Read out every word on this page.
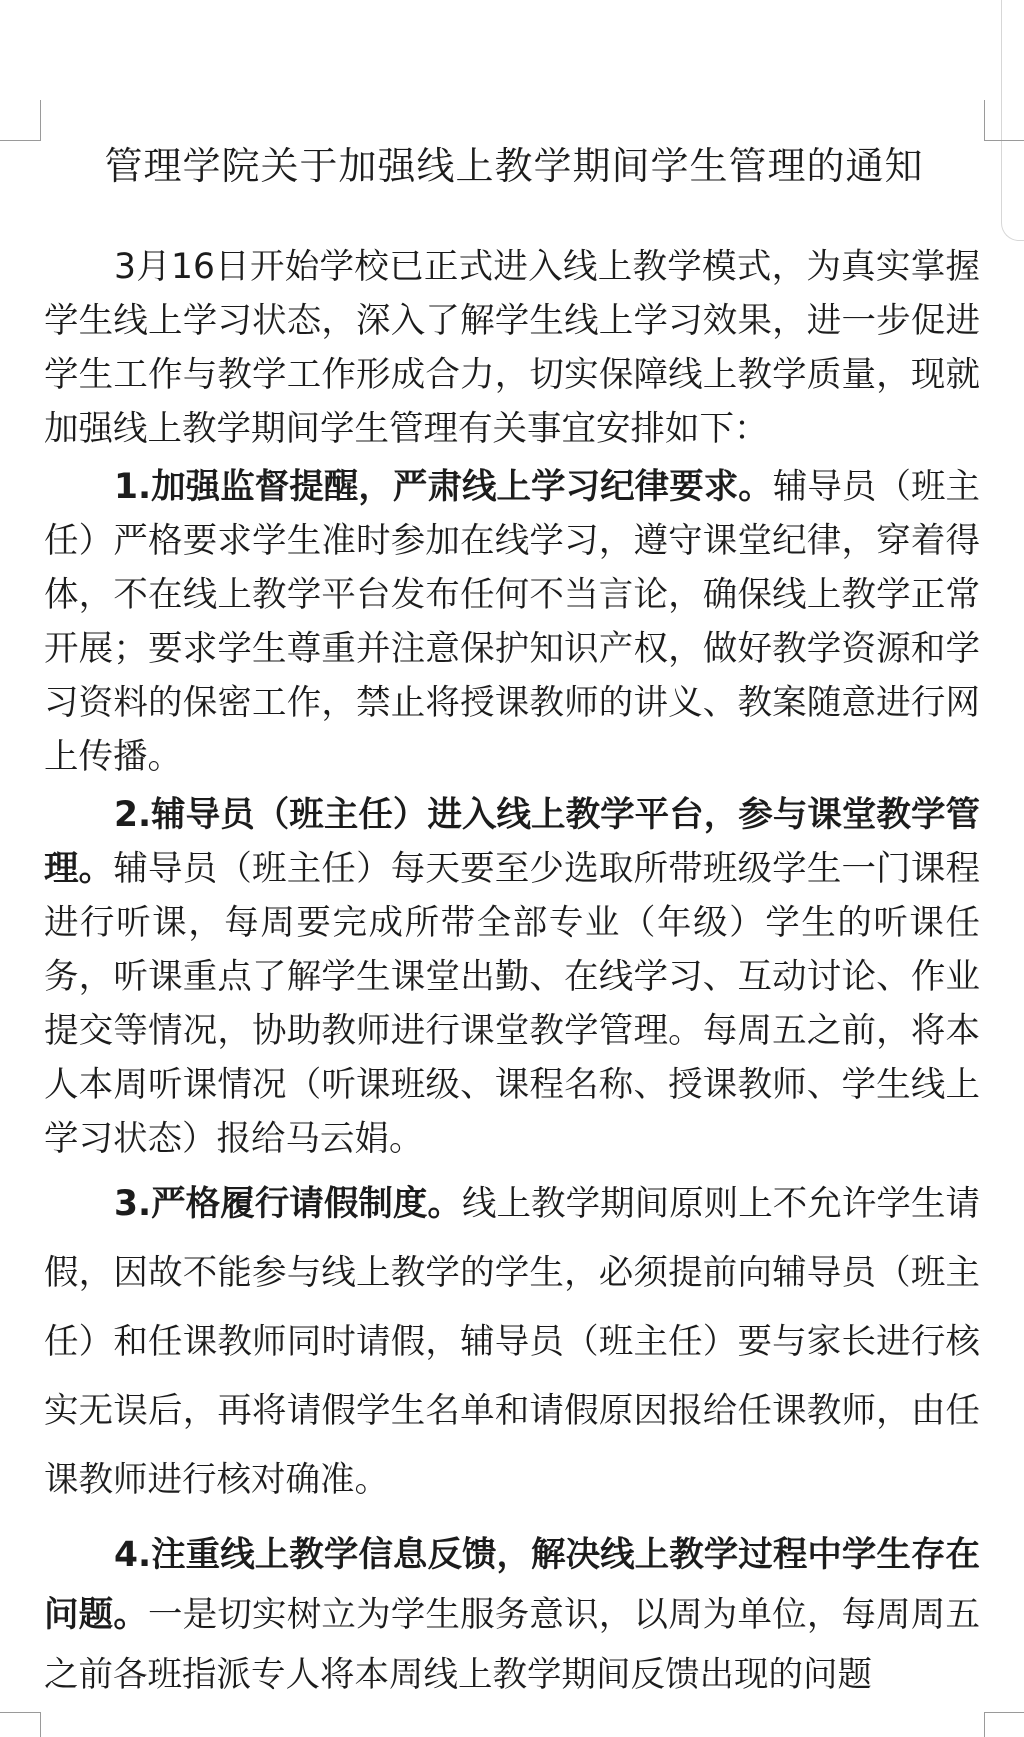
管理学院关于加强线上教学期间学生管理的通知

3月16日开始学校已正式进入线上教学模式，为真实掌握学生线上学习状态，深入了解学生线上学习效果，进一步促进学生工作与教学工作形成合力，切实保障线上教学质量，现就加强线上教学期间学生管理有关事宜安排如下：

1.加强监督提醒，严肃线上学习纪律要求。辅导员（班主任）严格要求学生准时参加在线学习，遵守课堂纪律，穿着得体，不在线上教学平台发布任何不当言论，确保线上教学正常开展；要求学生尊重并注意保护知识产权，做好教学资源和学习资料的保密工作，禁止将授课教师的讲义、教案随意进行网上传播。

2.辅导员（班主任）进入线上教学平台，参与课堂教学管理。辅导员（班主任）每天要至少选取所带班级学生一门课程进行听课，每周要完成所带全部专业（年级）学生的听课任务，听课重点了解学生课堂出勤、在线学习、互动讨论、作业提交等情况，协助教师进行课堂教学管理。每周五之前，将本人本周听课情况（听课班级、课程名称、授课教师、学生线上学习状态）报给马云娟。

3.严格履行请假制度。线上教学期间原则上不允许学生请假，因故不能参与线上教学的学生，必须提前向辅导员（班主任）和任课教师同时请假，辅导员（班主任）要与家长进行核实无误后，再将请假学生名单和请假原因报给任课教师，由任课教师进行核对确准。

4.注重线上教学信息反馈，解决线上教学过程中学生存在问题。一是切实树立为学生服务意识，以周为单位，每周周五之前各班指派专人将本周线上教学期间反馈出现的问题
